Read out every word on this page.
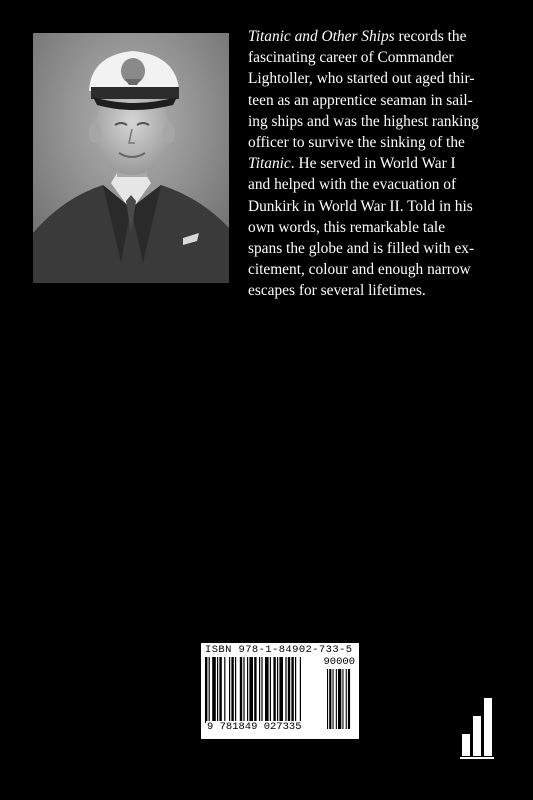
Titanic and Other Ships records the
fascinating career of Commander
Lightoller, who started out aged thir-
teen as an apprentice seaman in sail-
ing ships and was the highest ranking
officer to survive the sinking of the
Titanic. He served in World War I
and helped with the evacuation of
Dunkirk in World War II. Told in his
own words, this remarkable tale
spans the globe and is filled with ex-
citement, colour and enough narrow
escapes for several lifetimes.

ISBN 978-1-84902-733-5
90000
9 781849 027335
